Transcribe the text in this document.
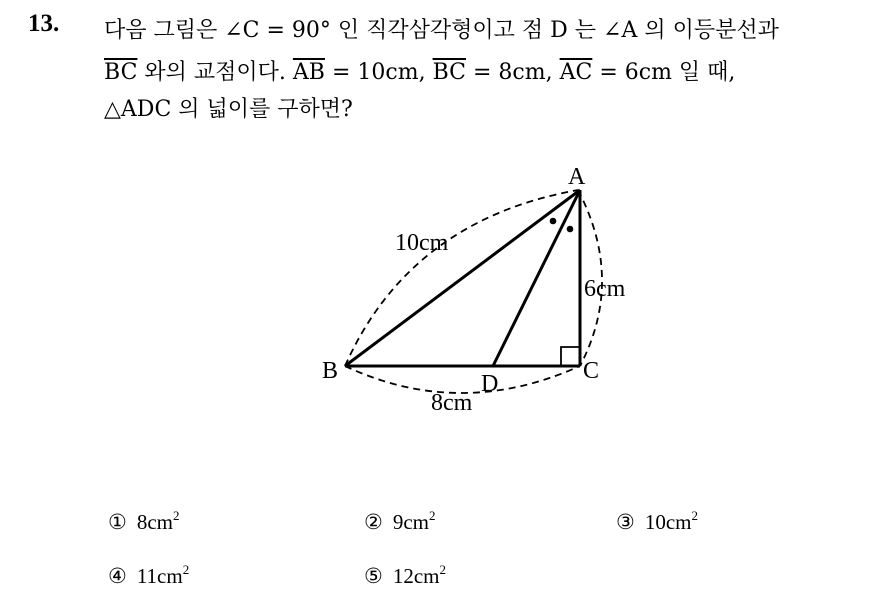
13. 다음 그림은 ∠C = 90° 인 직각삼각형이고 점 D 는 ∠A 의 이등분선과
$\overline{BC}$ 와의 교점이다. $\overline{AB} = 10cm$, $\overline{BC} = 8cm$, $\overline{AC} = 6cm$ 일 때,
△ADC 의 넓이를 구하면?
A
B	C
D
10cm
6cm
8cm
① $8cm^2$	② $9cm^2$	③ $10cm^2$
④ $11cm^2$	⑤ $12cm^2$
